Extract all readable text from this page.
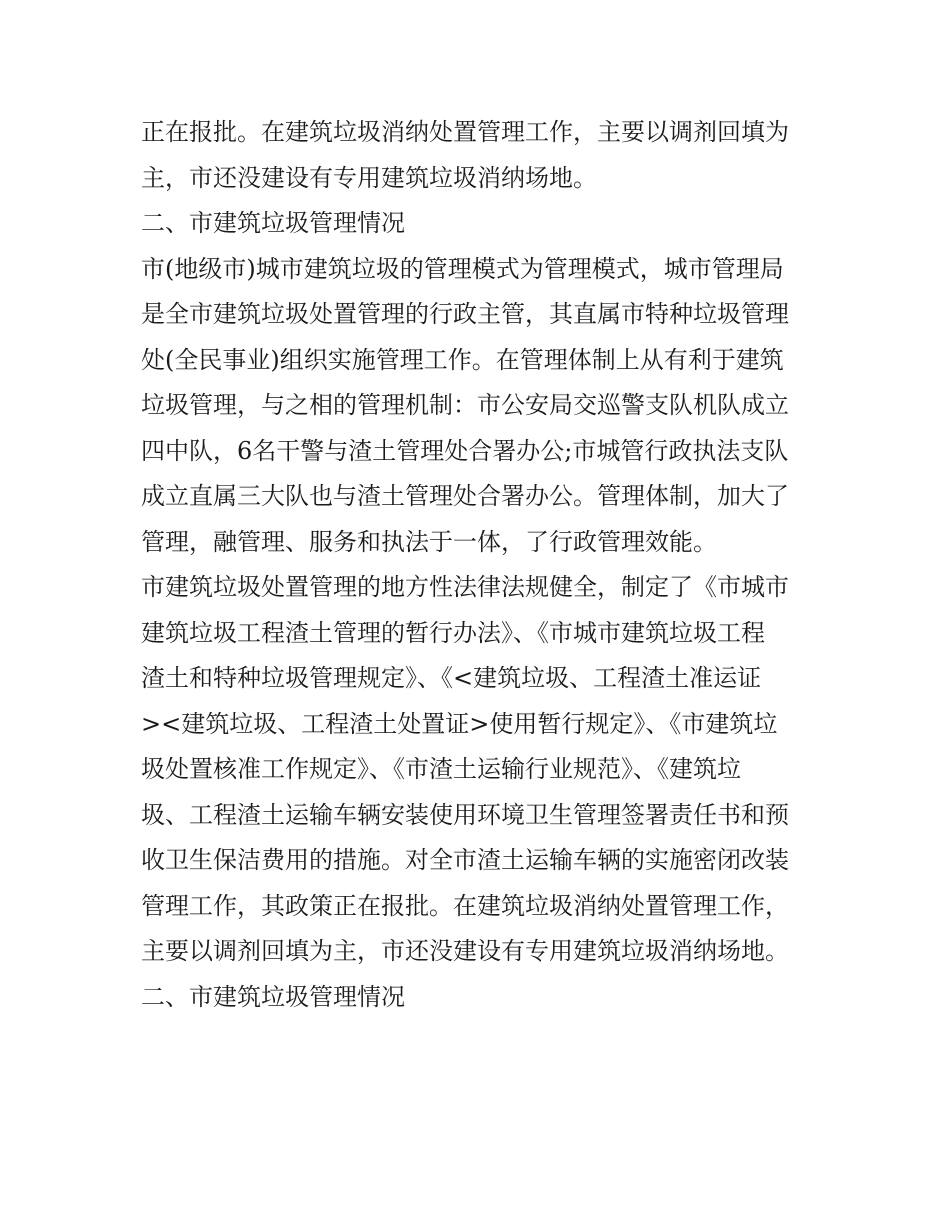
正在报批。在建筑垃圾消纳处置管理工作，主要以调剂回填为
主，市还没建设有专用建筑垃圾消纳场地。
二、市建筑垃圾管理情况
市(地级市)城市建筑垃圾的管理模式为管理模式，城市管理局
是全市建筑垃圾处置管理的行政主管，其直属市特种垃圾管理
处(全民事业)组织实施管理工作。在管理体制上从有利于建筑
垃圾管理，与之相的管理机制：市公安局交巡警支队机队成立
四中队，6名干警与渣土管理处合署办公;市城管行政执法支队
成立直属三大队也与渣土管理处合署办公。管理体制，加大了
管理，融管理、服务和执法于一体，了行政管理效能。
市建筑垃圾处置管理的地方性法律法规健全，制定了《市城市
建筑垃圾工程渣土管理的暂行办法》、《市城市建筑垃圾工程
渣土和特种垃圾管理规定》、《<建筑垃圾、工程渣土准运证
><建筑垃圾、工程渣土处置证>使用暂行规定》、《市建筑垃
圾处置核准工作规定》、《市渣土运输行业规范》、《建筑垃
圾、工程渣土运输车辆安装使用环境卫生管理签署责任书和预
收卫生保洁费用的措施。对全市渣土运输车辆的实施密闭改装
管理工作，其政策正在报批。在建筑垃圾消纳处置管理工作，
主要以调剂回填为主，市还没建设有专用建筑垃圾消纳场地。
二、市建筑垃圾管理情况
